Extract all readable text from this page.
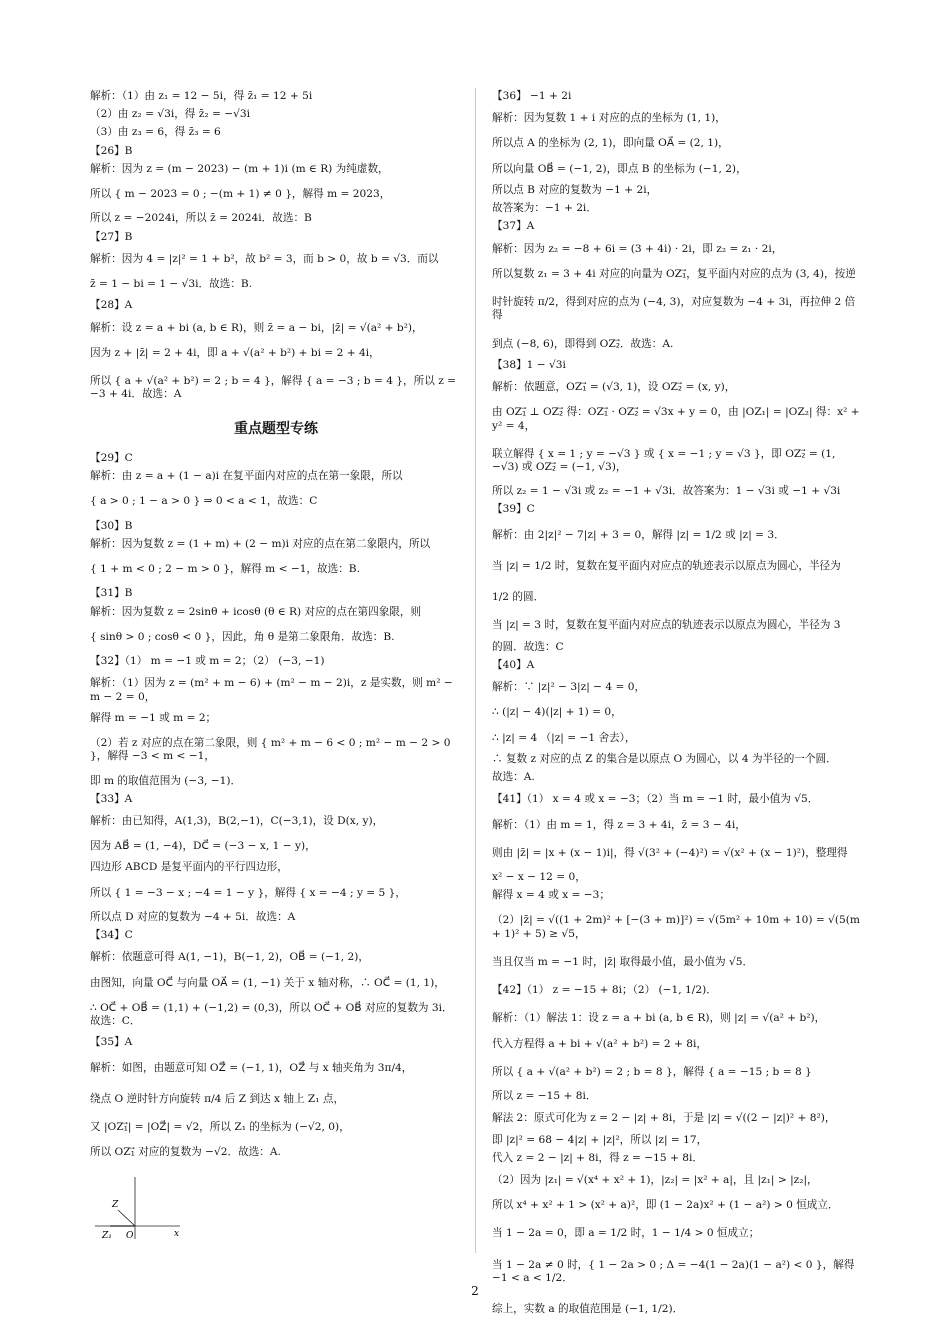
解析：（1）由 z₁ = 12 − 5i，得 z̄₁ = 12 + 5i

（2）由 z₂ = √3i，得 z̄₂ = −√3i

（3）由 z₃ = 6，得 z̄₃ = 6

【26】B

解析：因为 z = (m − 2023) − (m + 1)i (m ∈ R) 为纯虚数，

所以 { m − 2023 = 0 ; −(m + 1) ≠ 0 }，解得 m = 2023，

所以 z = −2024i，所以 z̄ = 2024i．故选：B

【27】B

解析：因为 4 = |z|² = 1 + b²，故 b² = 3，而 b > 0，故 b = √3．而以

z̄ = 1 − bi = 1 − √3i．故选：B.

【28】A

解析：设 z = a + bi (a, b ∈ R)，则 z̄ = a − bi，|z̄| = √(a² + b²)，

因为 z + |z̄| = 2 + 4i，即 a + √(a² + b²) + bi = 2 + 4i，

所以 { a + √(a² + b²) = 2 ; b = 4 }，解得 { a = −3 ; b = 4 }，所以 z = −3 + 4i．故选：A

重点题型专练

【29】C

解析：由 z = a + (1 − a)i 在复平面内对应的点在第一象限，所以

{ a > 0 ; 1 − a > 0 } ⇒ 0 < a < 1，故选：C

【30】B

解析：因为复数 z = (1 + m) + (2 − m)i 对应的点在第二象限内，所以

{ 1 + m < 0 ; 2 − m > 0 }，解得 m < −1，故选：B.

【31】B

解析：因为复数 z = 2sinθ + icosθ (θ ∈ R) 对应的点在第四象限，则

{ sinθ > 0 ; cosθ < 0 }，因此，角 θ 是第二象限角．故选：B.

【32】（1） m = −1 或 m = 2；（2） (−3, −1)

解析：（1）因为 z = (m² + m − 6) + (m² − m − 2)i，z 是实数，则 m² − m − 2 = 0，

解得 m = −1 或 m = 2；

（2）若 z 对应的点在第二象限，则 { m² + m − 6 < 0 ; m² − m − 2 > 0 }，解得 −3 < m < −1，

即 m 的取值范围为 (−3, −1)．

【33】A

解析：由已知得，A(1,3)，B(2,−1)，C(−3,1)，设 D(x, y)，

因为 AB⃗ = (1, −4)，DC⃗ = (−3 − x, 1 − y)，

四边形 ABCD 是复平面内的平行四边形，

所以 { 1 = −3 − x ; −4 = 1 − y }，解得 { x = −4 ; y = 5 }，

所以点 D 对应的复数为 −4 + 5i．故选：A

【34】C

解析：依题意可得 A(1, −1)，B(−1, 2)，OB⃗ = (−1, 2)，

由图知，向量 OC⃗ 与向量 OA⃗ = (1, −1) 关于 x 轴对称，∴ OC⃗ = (1, 1)，

∴ OC⃗ + OB⃗ = (1,1) + (−1,2) = (0,3)，所以 OC⃗ + OB⃗ 对应的复数为 3i．故选：C．

【35】A

解析：如图，由题意可知 OZ⃗ = (−1, 1)，OZ⃗ 与 x 轴夹角为 3π/4，

绕点 O 逆时针方向旋转 π/4 后 Z 到达 x 轴上 Z₁ 点，

又 |OZ₁⃗| = |OZ⃗| = √2，所以 Z₁ 的坐标为 (−√2, 0)，

所以 OZ₁⃗ 对应的复数为 −√2．故选：A.

Z
Z₁ O	x

【36】 −1 + 2i

解析：因为复数 1 + i 对应的点的坐标为 (1, 1)，

所以点 A 的坐标为 (2, 1)，即向量 OA⃗ = (2, 1)，

所以向量 OB⃗ = (−1, 2)，即点 B 的坐标为 (−1, 2)，

所以点 B 对应的复数为 −1 + 2i，

故答案为：−1 + 2i．

【37】A

解析：因为 z₂ = −8 + 6i = (3 + 4i) · 2i，即 z₂ = z₁ · 2i，

所以复数 z₁ = 3 + 4i 对应的向量为 OZ₁⃗，复平面内对应的点为 (3, 4)，按逆

时针旋转 π/2，得到对应的点为 (−4, 3)，对应复数为 −4 + 3i，再拉伸 2 倍得

到点 (−8, 6)，即得到 OZ₂⃗．故选：A.

【38】1 − √3i

解析：依题意，OZ₁⃗ = (√3, 1)，设 OZ₂⃗ = (x, y)，

由 OZ₁⃗ ⊥ OZ₂⃗ 得：OZ₁⃗ · OZ₂⃗ = √3x + y = 0，由 |OZ₁| = |OZ₂| 得：x² + y² = 4，

联立解得 { x = 1 ; y = −√3 } 或 { x = −1 ; y = √3 }，即 OZ₂⃗ = (1, −√3) 或 OZ₂⃗ = (−1, √3)，

所以 z₂ = 1 − √3i 或 z₂ = −1 + √3i．故答案为：1 − √3i 或 −1 + √3i

【39】C

解析：由 2|z|² − 7|z| + 3 = 0，解得 |z| = 1/2 或 |z| = 3．

当 |z| = 1/2 时，复数在复平面内对应点的轨迹表示以原点为圆心，半径为

1/2 的圆．

当 |z| = 3 时，复数在复平面内对应点的轨迹表示以原点为圆心，半径为 3

的圆．故选：C

【40】A

解析：∵ |z|² − 3|z| − 4 = 0，

∴ (|z| − 4)(|z| + 1) = 0，

∴ |z| = 4 （|z| = −1 舍去），

∴ 复数 z 对应的点 Z 的集合是以原点 O 为圆心，以 4 为半径的一个圆．

故选：A.

【41】（1） x = 4 或 x = −3；（2）当 m = −1 时，最小值为 √5．

解析：（1）由 m = 1，得 z = 3 + 4i，z̄ = 3 − 4i，

则由 |z̄| = |x + (x − 1)i|，得 √(3² + (−4)²) = √(x² + (x − 1)²)，整理得

x² − x − 12 = 0，

解得 x = 4 或 x = −3；

（2）|z̄| = √((1 + 2m)² + [−(3 + m)]²) = √(5m² + 10m + 10) = √(5(m + 1)² + 5) ≥ √5，

当且仅当 m = −1 时，|z̄| 取得最小值，最小值为 √5．

【42】（1） z = −15 + 8i；（2） (−1, 1/2)．

解析：（1）解法 1：设 z = a + bi (a, b ∈ R)，则 |z| = √(a² + b²)，

代入方程得 a + bi + √(a² + b²) = 2 + 8i，

所以 { a + √(a² + b²) = 2 ; b = 8 }，解得 { a = −15 ; b = 8 }

所以 z = −15 + 8i．

解法 2：原式可化为 z = 2 − |z| + 8i，于是 |z| = √((2 − |z|)² + 8²)，

即 |z|² = 68 − 4|z| + |z|²，所以 |z| = 17，

代入 z = 2 − |z| + 8i，得 z = −15 + 8i．

（2）因为 |z₁| = √(x⁴ + x² + 1)，|z₂| = |x² + a|，且 |z₁| > |z₂|，

所以 x⁴ + x² + 1 > (x² + a)²，即 (1 − 2a)x² + (1 − a²) > 0 恒成立．

当 1 − 2a = 0，即 a = 1/2 时，1 − 1/4 > 0 恒成立；

当 1 − 2a ≠ 0 时，{ 1 − 2a > 0 ; Δ = −4(1 − 2a)(1 − a²) < 0 }，解得 −1 < a < 1/2．

综上，实数 a 的取值范围是 (−1, 1/2)．

2
